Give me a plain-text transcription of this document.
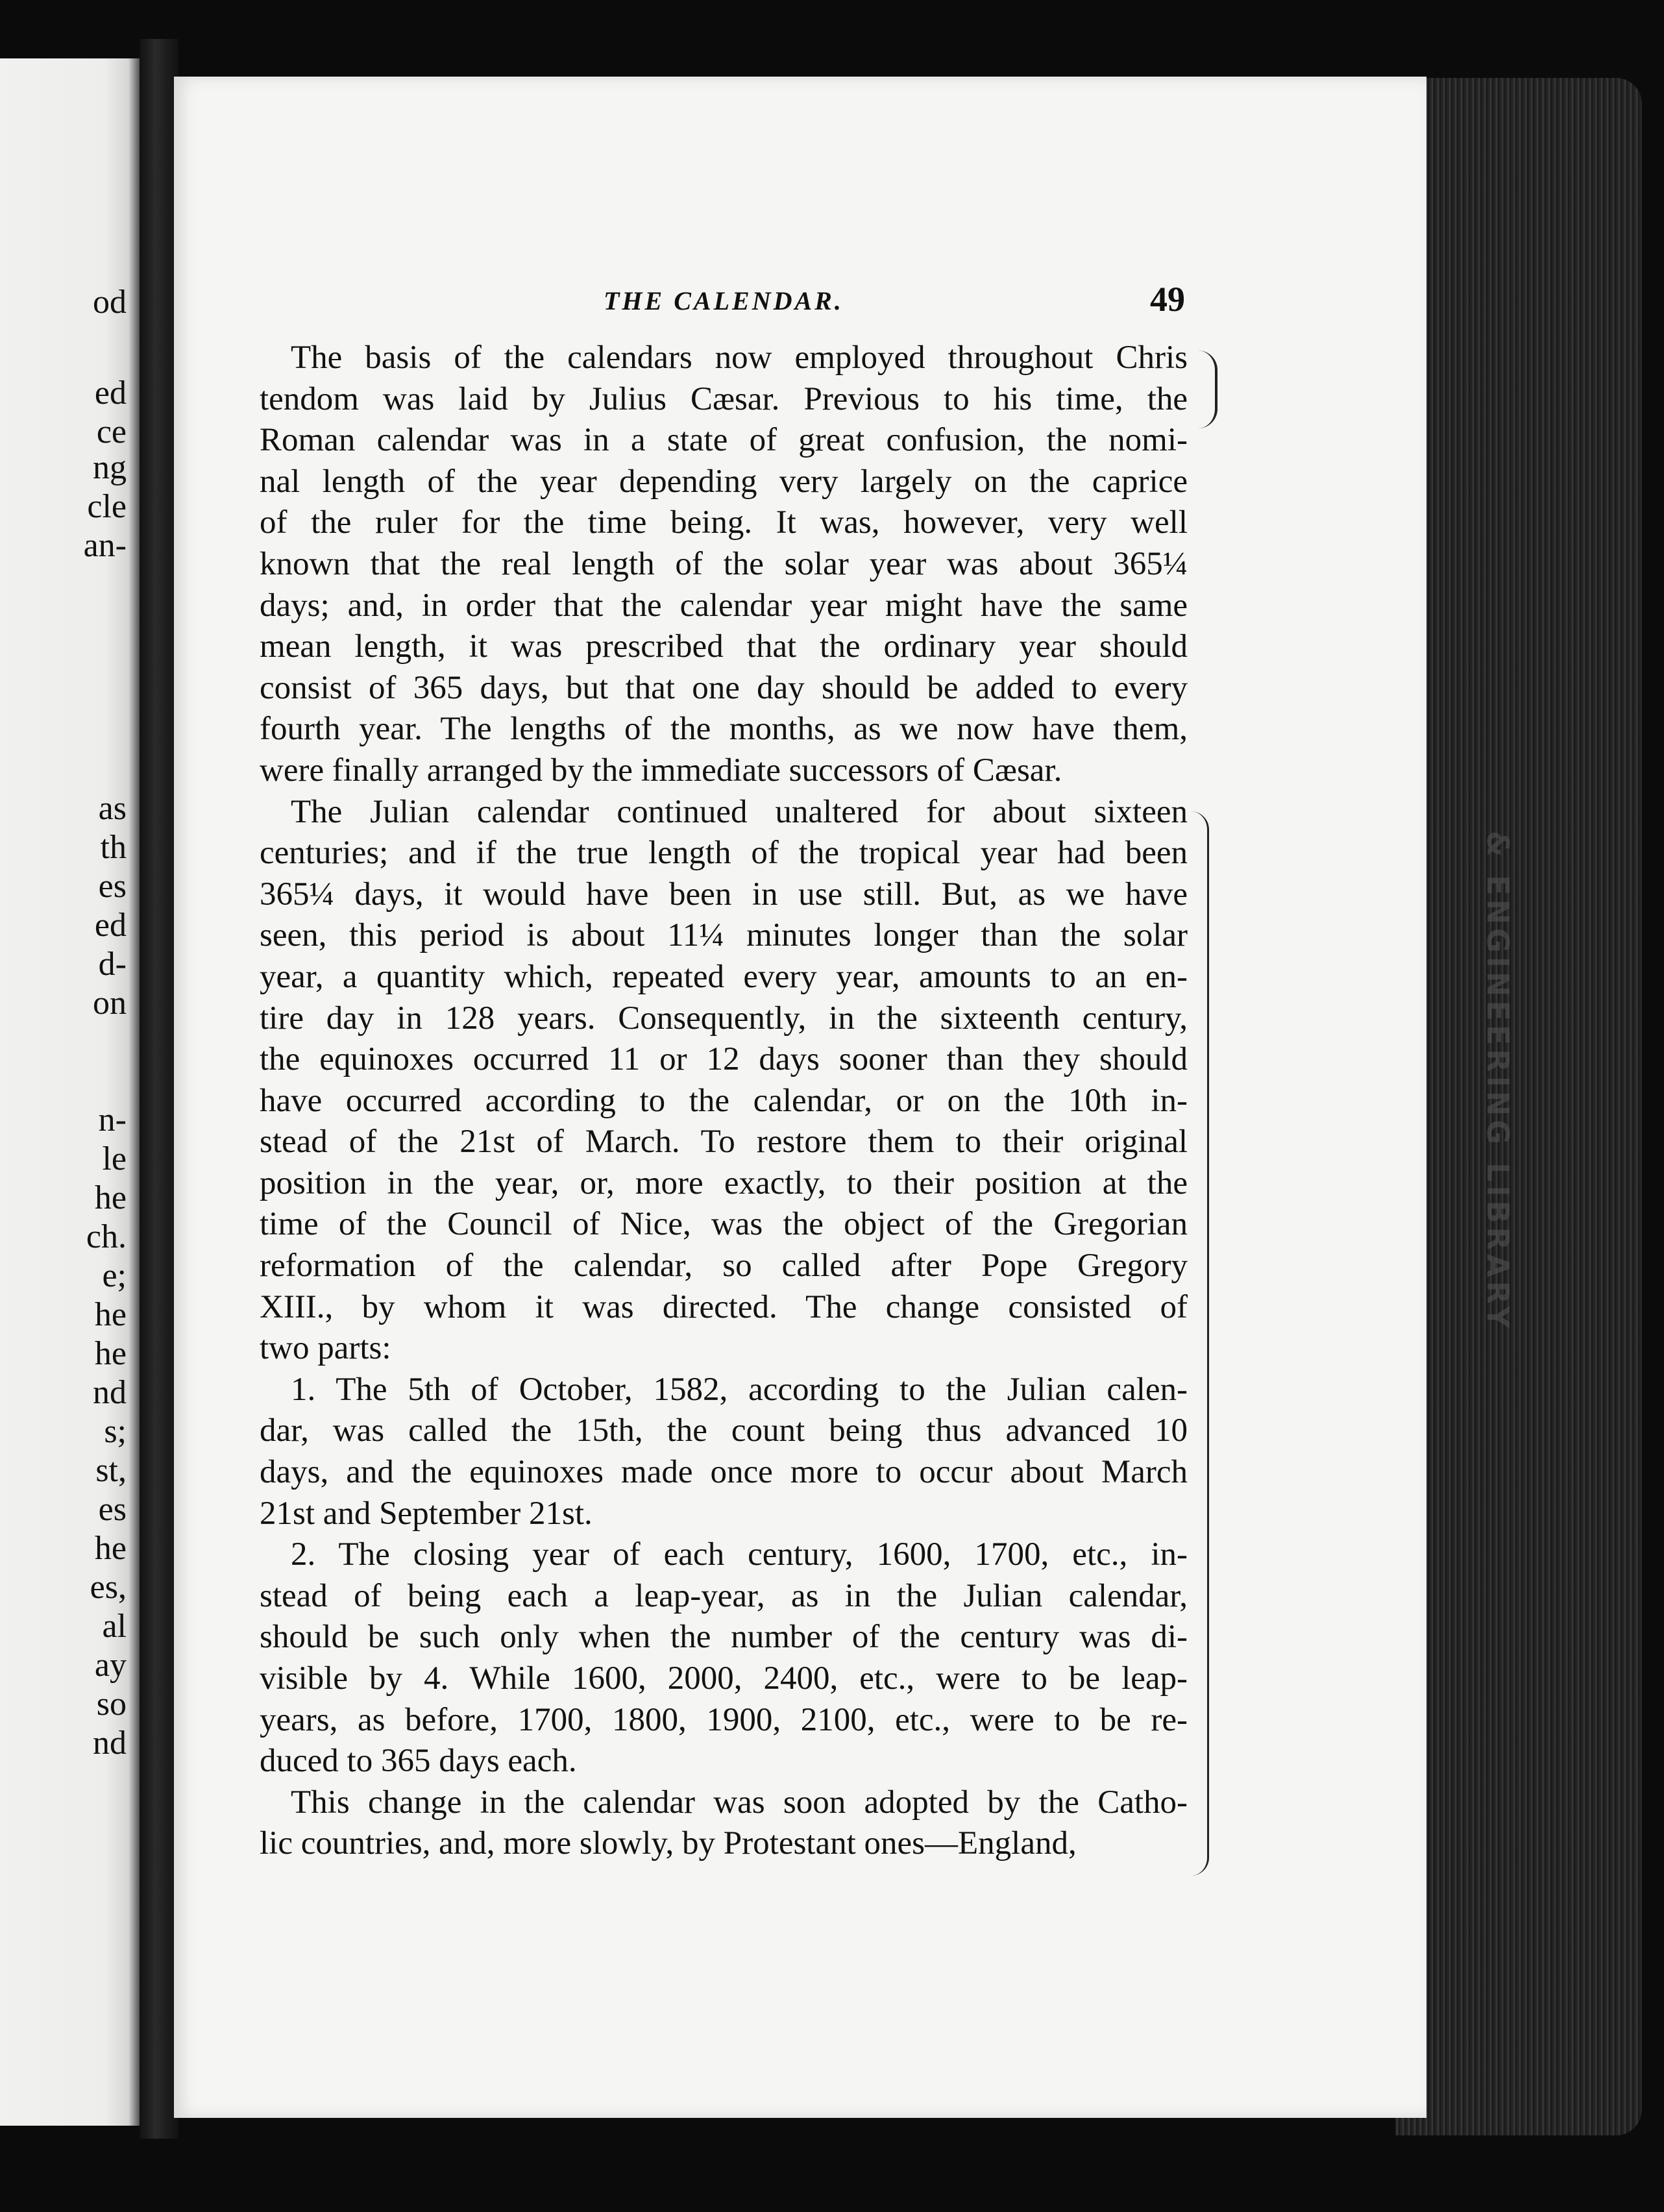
od
ed
ce
ng
cle
an-
as
th
es
ed
d-
on
n-
le
he
ch.
e;
he
he
nd
s;
st,
es
he
es,
al
ay
so
nd
& ENGINEERING LIBRARY
THE CALENDAR.	49
The basis of the calendars now employed throughout Chris
tendom was laid by Julius Cæsar. Previous to his time, the
Roman calendar was in a state of great confusion, the nomi-
nal length of the year depending very largely on the caprice
of the ruler for the time being. It was, however, very well
known that the real length of the solar year was about 365¼
days; and, in order that the calendar year might have the same
mean length, it was prescribed that the ordinary year should
consist of 365 days, but that one day should be added to every
fourth year. The lengths of the months, as we now have them,
were finally arranged by the immediate successors of Cæsar.
The Julian calendar continued unaltered for about sixteen
centuries; and if the true length of the tropical year had been
365¼ days, it would have been in use still. But, as we have
seen, this period is about 11¼ minutes longer than the solar
year, a quantity which, repeated every year, amounts to an en-
tire day in 128 years. Consequently, in the sixteenth century,
the equinoxes occurred 11 or 12 days sooner than they should
have occurred according to the calendar, or on the 10th in-
stead of the 21st of March. To restore them to their original
position in the year, or, more exactly, to their position at the
time of the Council of Nice, was the object of the Gregorian
reformation of the calendar, so called after Pope Gregory
XIII., by whom it was directed. The change consisted of
two parts:
1. The 5th of October, 1582, according to the Julian calen-
dar, was called the 15th, the count being thus advanced 10
days, and the equinoxes made once more to occur about March
21st and September 21st.
2. The closing year of each century, 1600, 1700, etc., in-
stead of being each a leap-year, as in the Julian calendar,
should be such only when the number of the century was di-
visible by 4. While 1600, 2000, 2400, etc., were to be leap-
years, as before, 1700, 1800, 1900, 2100, etc., were to be re-
duced to 365 days each.
This change in the calendar was soon adopted by the Catho-
lic countries, and, more slowly, by Protestant ones—England,
